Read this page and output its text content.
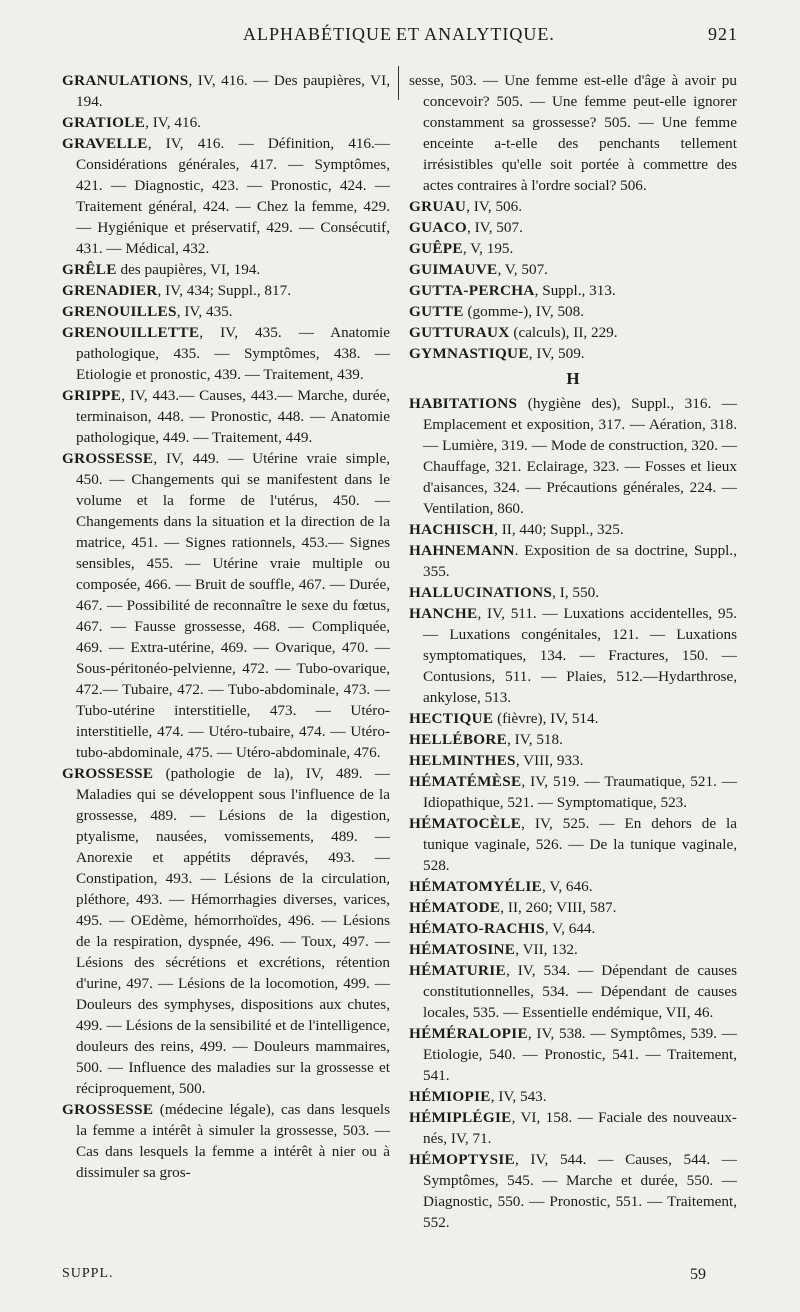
ALPHABÉTIQUE ET ANALYTIQUE.	921

GRANULATIONS, IV, 416. — Des paupières, VI, 194.

GRATIOLE, IV, 416.

GRAVELLE, IV, 416. — Définition, 416.— Considérations générales, 417. — Symptômes, 421. — Diagnostic, 423. — Pronostic, 424. — Traitement général, 424. — Chez la femme, 429. — Hygiénique et préservatif, 429. — Consécutif, 431. — Médical, 432.

GRÊLE des paupières, VI, 194.

GRENADIER, IV, 434; Suppl., 817.

GRENOUILLES, IV, 435.

GRENOUILLETTE, IV, 435. — Anatomie pathologique, 435. — Symptômes, 438. — Etiologie et pronostic, 439. — Traitement, 439.

GRIPPE, IV, 443.— Causes, 443.— Marche, durée, terminaison, 448. — Pronostic, 448. — Anatomie pathologique, 449. — Traitement, 449.

GROSSESSE, IV, 449. — Utérine vraie simple, 450. — Changements qui se manifestent dans le volume et la forme de l'utérus, 450. — Changements dans la situation et la direction de la matrice, 451. — Signes rationnels, 453.— Signes sensibles, 455. — Utérine vraie multiple ou composée, 466. — Bruit de souffle, 467. — Durée, 467. — Possibilité de reconnaître le sexe du fœtus, 467. — Fausse grossesse, 468. — Compliquée, 469. — Extra-utérine, 469. — Ovarique, 470. — Sous-péritonéo-pelvienne, 472. — Tubo-ovarique, 472.— Tubaire, 472. — Tubo-abdominale, 473. — Tubo-utérine interstitielle, 473. — Utéro-interstitielle, 474. — Utéro-tubaire, 474. — Utéro-tubo-abdominale, 475. — Utéro-abdominale, 476.

GROSSESSE (pathologie de la), IV, 489. — Maladies qui se développent sous l'influence de la grossesse, 489. — Lésions de la digestion, ptyalisme, nausées, vomissements, 489. — Anorexie et appétits dépravés, 493. — Constipation, 493. — Lésions de la circulation, pléthore, 493. — Hémorrhagies diverses, varices, 495. — OEdème, hémorrhoïdes, 496. — Lésions de la respiration, dyspnée, 496. — Toux, 497. — Lésions des sécrétions et excrétions, rétention d'urine, 497. — Lésions de la locomotion, 499. — Douleurs des symphyses, dispositions aux chutes, 499. — Lésions de la sensibilité et de l'intelligence, douleurs des reins, 499. — Douleurs mammaires, 500. — Influence des maladies sur la grossesse et réciproquement, 500.

GROSSESSE (médecine légale), cas dans lesquels la femme a intérêt à simuler la grossesse, 503. — Cas dans lesquels la femme a intérêt à nier ou à dissimuler sa gros-

sesse, 503. — Une femme est-elle d'âge à avoir pu concevoir? 505. — Une femme peut-elle ignorer constamment sa grossesse? 505. — Une femme enceinte a-t-elle des penchants tellement irrésistibles qu'elle soit portée à commettre des actes contraires à l'ordre social? 506.

GRUAU, IV, 506.

GUACO, IV, 507.

GUÊPE, V, 195.

GUIMAUVE, V, 507.

GUTTA-PERCHA, Suppl., 313.

GUTTE (gomme-), IV, 508.

GUTTURAUX (calculs), II, 229.

GYMNASTIQUE, IV, 509.

H

HABITATIONS (hygiène des), Suppl., 316. — Emplacement et exposition, 317. — Aération, 318. — Lumière, 319. — Mode de construction, 320. — Chauffage, 321. Eclairage, 323. — Fosses et lieux d'aisances, 324. — Précautions générales, 224. — Ventilation, 860.

HACHISCH, II, 440; Suppl., 325.

HAHNEMANN. Exposition de sa doctrine, Suppl., 355.

HALLUCINATIONS, I, 550.

HANCHE, IV, 511. — Luxations accidentelles, 95. — Luxations congénitales, 121. — Luxations symptomatiques, 134. — Fractures, 150. — Contusions, 511. — Plaies, 512.—Hydarthrose, ankylose, 513.

HECTIQUE (fièvre), IV, 514.

HELLÉBORE, IV, 518.

HELMINTHES, VIII, 933.

HÉMATÉMÈSE, IV, 519. — Traumatique, 521. — Idiopathique, 521. — Symptomatique, 523.

HÉMATOCÈLE, IV, 525. — En dehors de la tunique vaginale, 526. — De la tunique vaginale, 528.

HÉMATOMYÉLIE, V, 646.

HÉMATODE, II, 260; VIII, 587.

HÉMATO-RACHIS, V, 644.

HÉMATOSINE, VII, 132.

HÉMATURIE, IV, 534. — Dépendant de causes constitutionnelles, 534. — Dépendant de causes locales, 535. — Essentielle endémique, VII, 46.

HÉMÉRALOPIE, IV, 538. — Symptômes, 539. — Etiologie, 540. — Pronostic, 541. — Traitement, 541.

HÉMIOPIE, IV, 543.

HÉMIPLÉGIE, VI, 158. — Faciale des nouveaux-nés, IV, 71.

HÉMOPTYSIE, IV, 544. — Causes, 544. — Symptômes, 545. — Marche et durée, 550. — Diagnostic, 550. — Pronostic, 551. — Traitement, 552.

SUPPL.	59
